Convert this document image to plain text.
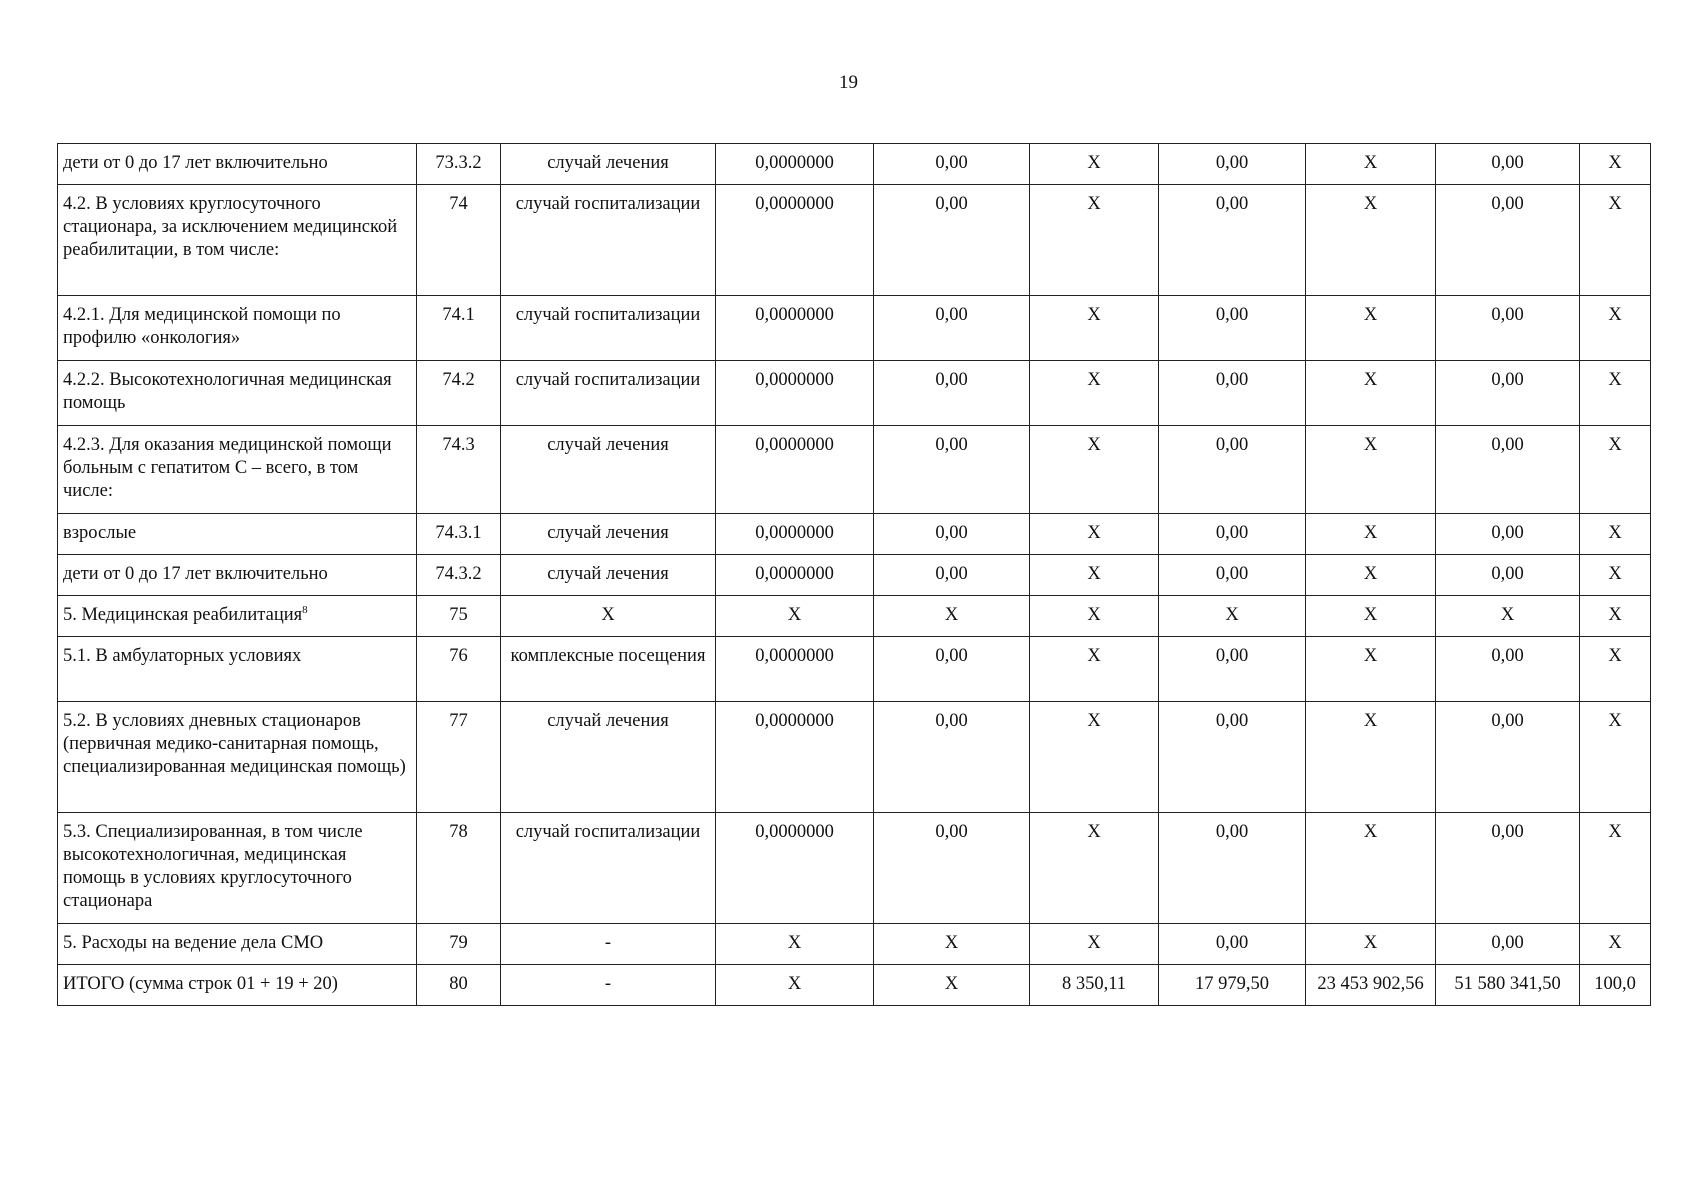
19
дети от 0 до 17 лет включительно	73.3.2	случай лечения	0,0000000	0,00	Х	0,00	Х	0,00	Х
4.2. В условиях круглосуточного стационара, за исключением медицинской реабилитации, в том числе:	74	случай госпитализации	0,0000000	0,00	Х	0,00	Х	0,00	Х
4.2.1. Для медицинской помощи по профилю «онкология»	74.1	случай госпитализации	0,0000000	0,00	Х	0,00	Х	0,00	Х
4.2.2. Высокотехнологичная медицинская помощь	74.2	случай госпитализации	0,0000000	0,00	Х	0,00	Х	0,00	Х
4.2.3. Для оказания медицинской помощи больным с гепатитом С – всего, в том числе:	74.3	случай лечения	0,0000000	0,00	Х	0,00	Х	0,00	Х
взрослые	74.3.1	случай лечения	0,0000000	0,00	Х	0,00	Х	0,00	Х
дети от 0 до 17 лет включительно	74.3.2	случай лечения	0,0000000	0,00	Х	0,00	Х	0,00	Х
5. Медицинская реабилитация$^8$	75	Х	Х	Х	Х	Х	Х	Х	Х
5.1. В амбулаторных условиях	76	комплексные посещения	0,0000000	0,00	Х	0,00	Х	0,00	Х
5.2. В условиях дневных стационаров (первичная медико-санитарная помощь, специализированная медицинская помощь)	77	случай лечения	0,0000000	0,00	Х	0,00	Х	0,00	Х
5.3. Специализированная, в том числе высокотехнологичная, медицинская помощь в условиях круглосуточного стационара	78	случай госпитализации	0,0000000	0,00	Х	0,00	Х	0,00	Х
5. Расходы на ведение дела СМО	79	-	Х	Х	Х	0,00	Х	0,00	Х
ИТОГО (сумма строк 01 + 19 + 20)	80	-	Х	Х	8 350,11	17 979,50	23 453 902,56	51 580 341,50	100,0
